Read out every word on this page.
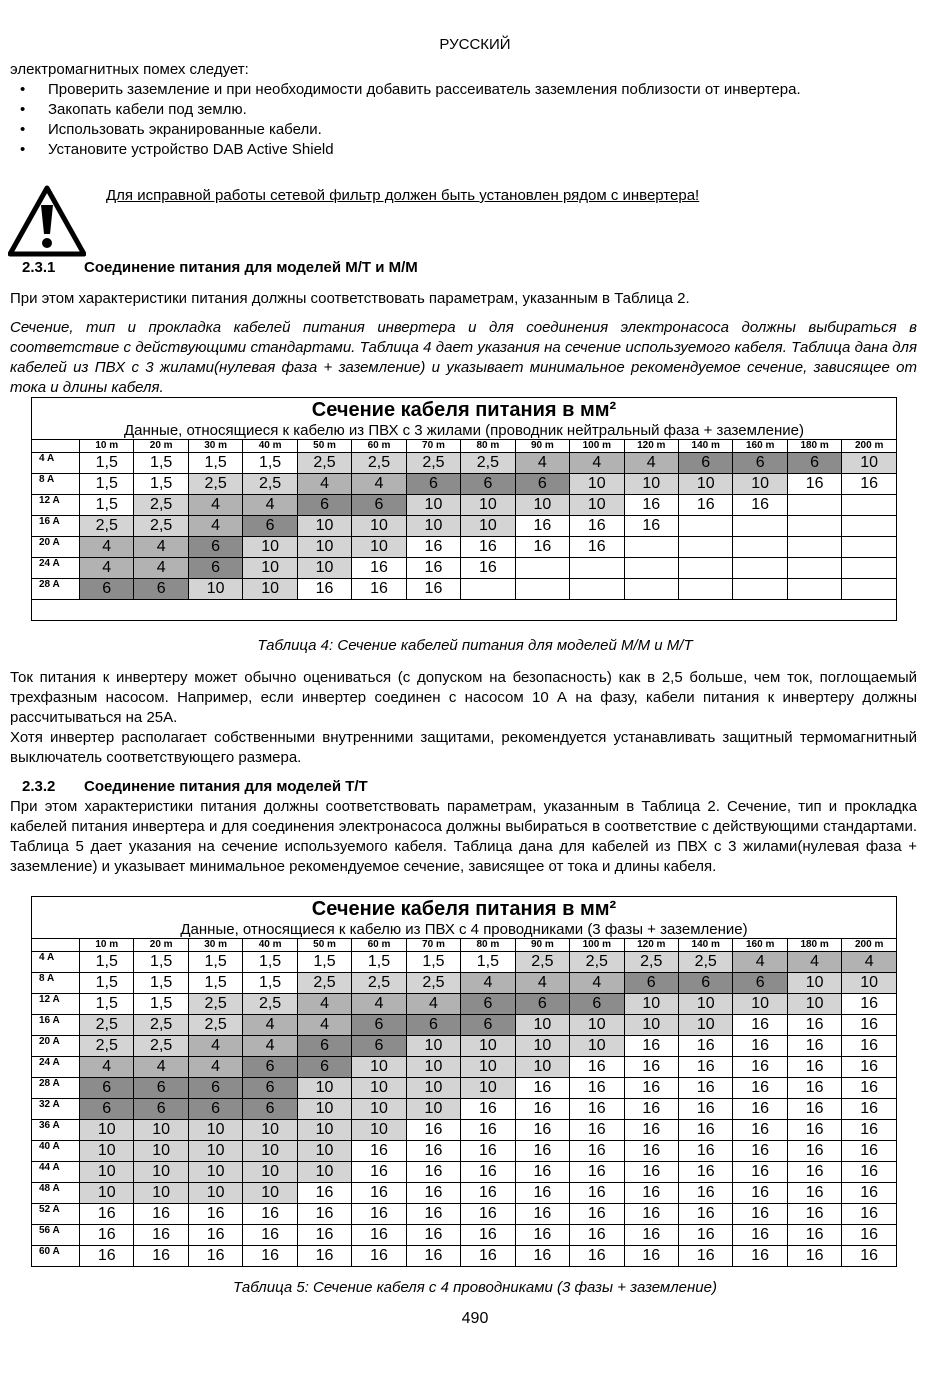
РУССКИЙ
электромагнитных помех следует:
• Проверить заземление и при необходимости добавить рассеиватель заземления поблизости от инвертера.
• Закопать кабели под землю.
• Использовать экранированные кабели.
• Установите устройство DAB Active Shield
Для исправной работы сетевой фильтр должен быть установлен рядом с инвертера!
2.3.1 Соединение питания для моделей М/Т и М/М
При этом характеристики питания должны соответствовать параметрам, указанным в Таблица 2.
Сечение, тип и прокладка кабелей питания инвертера и для соединения электронасоса должны выбираться в соответствие с действующими стандартами. Таблица 4 дает указания на сечение используемого кабеля. Таблица дана для кабелей из ПВХ с 3 жилами(нулевая фаза + заземление) и указывает минимальное рекомендуемое сечение, зависящее от тока и длины кабеля.
Сечение кабеля питания в мм²															
Данные, относящиеся к кабелю из ПВХ с 3 жилами (проводник нейтральный фаза + заземление)															
	10 m	20 m	30 m	40 m	50 m	60 m	70 m	80 m	90 m	100 m	120 m	140 m	160 m	180 m	200 m
4 A	1,5	1,5	1,5	1,5	2,5	2,5	2,5	2,5	4	4	4	6	6	6	10
8 A	1,5	1,5	2,5	2,5	4	4	6	6	6	10	10	10	10	16	16
12 A	1,5	2,5	4	4	6	6	10	10	10	10	16	16	16		
16 A	2,5	2,5	4	6	10	10	10	10	16	16	16				
20 A	4	4	6	10	10	10	16	16	16	16					
24 A	4	4	6	10	10	16	16	16							
28 A	6	6	10	10	16	16	16								

Таблица 4: Сечение кабелей питания для моделей М/М и М/Т
Ток питания к инвертеру может обычно оцениваться (с допуском на безопасность) как в 2,5 больше, чем ток, поглощаемый трехфазным насосом. Например, если инвертер соединен с насосом 10 А на фазу, кабели питания к инвертеру должны рассчитываться на 25А.
Хотя инвертер располагает собственными внутренними защитами, рекомендуется устанавливать защитный термомагнитный выключатель соответствующего размера.
2.3.2 Соединение питания для моделей Т/Т
При этом характеристики питания должны соответствовать параметрам, указанным в Таблица 2. Сечение, тип и прокладка кабелей питания инвертера и для соединения электронасоса должны выбираться в соответствие с действующими стандартами. Таблица 5 дает указания на сечение используемого кабеля. Таблица дана для кабелей из ПВХ с 3 жилами(нулевая фаза + заземление) и указывает минимальное рекомендуемое сечение, зависящее от тока и длины кабеля.
Сечение кабеля питания в мм²															
Данные, относящиеся к кабелю из ПВХ с 4 проводниками (3 фазы + заземление)															
	10 m	20 m	30 m	40 m	50 m	60 m	70 m	80 m	90 m	100 m	120 m	140 m	160 m	180 m	200 m
4 A	1,5	1,5	1,5	1,5	1,5	1,5	1,5	1,5	2,5	2,5	2,5	2,5	4	4	4
8 A	1,5	1,5	1,5	1,5	2,5	2,5	2,5	4	4	4	6	6	6	10	10
12 A	1,5	1,5	2,5	2,5	4	4	4	6	6	6	10	10	10	10	16
16 A	2,5	2,5	2,5	4	4	6	6	6	10	10	10	10	16	16	16
20 A	2,5	2,5	4	4	6	6	10	10	10	10	16	16	16	16	16
24 A	4	4	4	6	6	10	10	10	10	16	16	16	16	16	16
28 A	6	6	6	6	10	10	10	10	16	16	16	16	16	16	16
32 A	6	6	6	6	10	10	10	16	16	16	16	16	16	16	16
36 A	10	10	10	10	10	10	16	16	16	16	16	16	16	16	16
40 A	10	10	10	10	10	16	16	16	16	16	16	16	16	16	16
44 A	10	10	10	10	10	16	16	16	16	16	16	16	16	16	16
48 A	10	10	10	10	16	16	16	16	16	16	16	16	16	16	16
52 A	16	16	16	16	16	16	16	16	16	16	16	16	16	16	16
56 A	16	16	16	16	16	16	16	16	16	16	16	16	16	16	16
60 A	16	16	16	16	16	16	16	16	16	16	16	16	16	16	16
Таблица 5: Сечение кабеля с 4 проводниками (3 фазы + заземление)
490
